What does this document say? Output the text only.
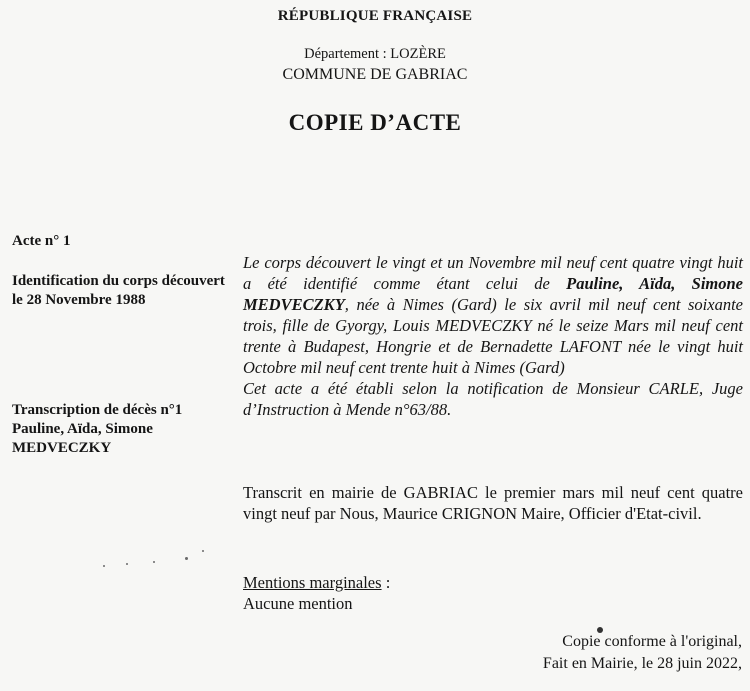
RÉPUBLIQUE FRANÇAISE
Département : LOZÈRE
COMMUNE DE GABRIAC
COPIE D’ACTE
Acte n° 1
Identification du corps découvert le 28 Novembre 1988
Transcription de décès n°1 Pauline, Aïda, Simone MEDVECZKY

Le corps découvert le vingt et un Novembre mil neuf cent quatre vingt huit a été identifié comme étant celui de Pauline, Aïda, Simone MEDVECZKY, née à Nimes (Gard) le six avril mil neuf cent soixante trois, fille de Gyorgy, Louis MEDVECZKY né le seize Mars mil neuf cent trente à Budapest, Hongrie et de Bernadette LAFONT née le vingt huit Octobre mil neuf cent trente huit à Nimes (Gard)

Cet acte a été établi selon la notification de Monsieur CARLE, Juge d’Instruction à Mende n°63/88.

Transcrit en mairie de GABRIAC le premier mars mil neuf cent quatre vingt neuf par Nous, Maurice CRIGNON Maire, Officier d'Etat-civil.
Mentions marginales :
Aucune mention
Copie conforme à l'original,
Fait en Mairie, le 28 juin 2022,
